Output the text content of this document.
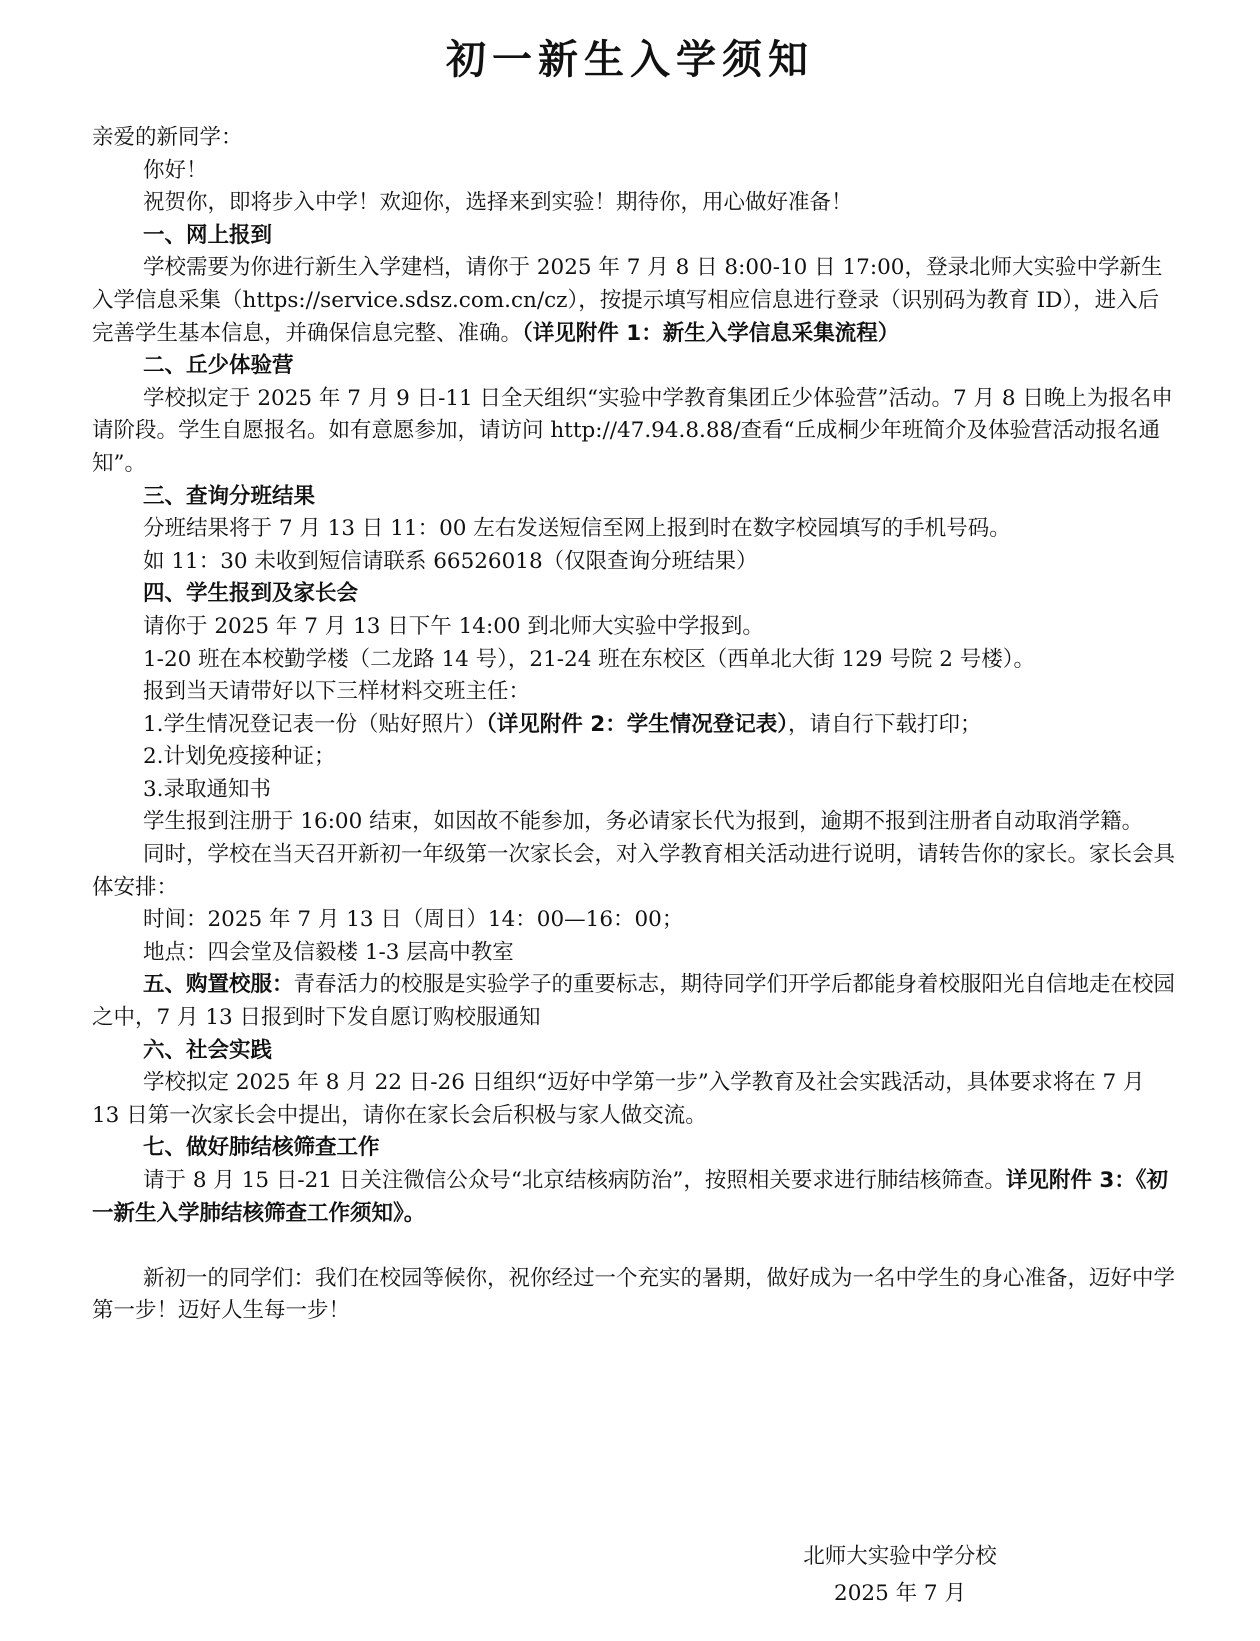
初一新生入学须知

亲爱的新同学：

你好！

祝贺你，即将步入中学！欢迎你，选择来到实验！期待你，用心做好准备！

一、网上报到

学校需要为你进行新生入学建档，请你于 2025 年 7 月 8 日 8:00-10 日 17:00，登录北师大实验中学新生入学信息采集（https://service.sdsz.com.cn/cz），按提示填写相应信息进行登录（识别码为教育 ID），进入后完善学生基本信息，并确保信息完整、准确。（详见附件 1：新生入学信息采集流程）

二、丘少体验营

学校拟定于 2025 年 7 月 9 日-11 日全天组织“实验中学教育集团丘少体验营”活动。7 月 8 日晚上为报名申请阶段。学生自愿报名。如有意愿参加，请访问 http://47.94.8.88/查看“丘成桐少年班简介及体验营活动报名通知”。

三、查询分班结果

分班结果将于 7 月 13 日 11：00 左右发送短信至网上报到时在数字校园填写的手机号码。

如 11：30 未收到短信请联系 66526018（仅限查询分班结果）

四、学生报到及家长会

请你于 2025 年 7 月 13 日下午 14:00 到北师大实验中学报到。

1-20 班在本校勤学楼（二龙路 14 号），21-24 班在东校区（西单北大街 129 号院 2 号楼）。

报到当天请带好以下三样材料交班主任：

1.学生情况登记表一份（贴好照片）（详见附件 2：学生情况登记表），请自行下载打印；

2.计划免疫接种证；

3.录取通知书

学生报到注册于 16:00 结束，如因故不能参加，务必请家长代为报到，逾期不报到注册者自动取消学籍。

同时，学校在当天召开新初一年级第一次家长会，对入学教育相关活动进行说明，请转告你的家长。家长会具体安排：

时间：2025 年 7 月 13 日（周日）14：00—16：00；

地点：四会堂及信毅楼 1-3 层高中教室

五、购置校服：青春活力的校服是实验学子的重要标志，期待同学们开学后都能身着校服阳光自信地走在校园之中，7 月 13 日报到时下发自愿订购校服通知

六、社会实践

学校拟定 2025 年 8 月 22 日-26 日组织“迈好中学第一步”入学教育及社会实践活动，具体要求将在 7 月 13 日第一次家长会中提出，请你在家长会后积极与家人做交流。

七、做好肺结核筛查工作

请于 8 月 15 日-21 日关注微信公众号“北京结核病防治”，按照相关要求进行肺结核筛查。详见附件 3：《初一新生入学肺结核筛查工作须知》。

新初一的同学们：我们在校园等候你，祝你经过一个充实的暑期，做好成为一名中学生的身心准备，迈好中学第一步！迈好人生每一步！

北师大实验中学分校
2025 年 7 月
